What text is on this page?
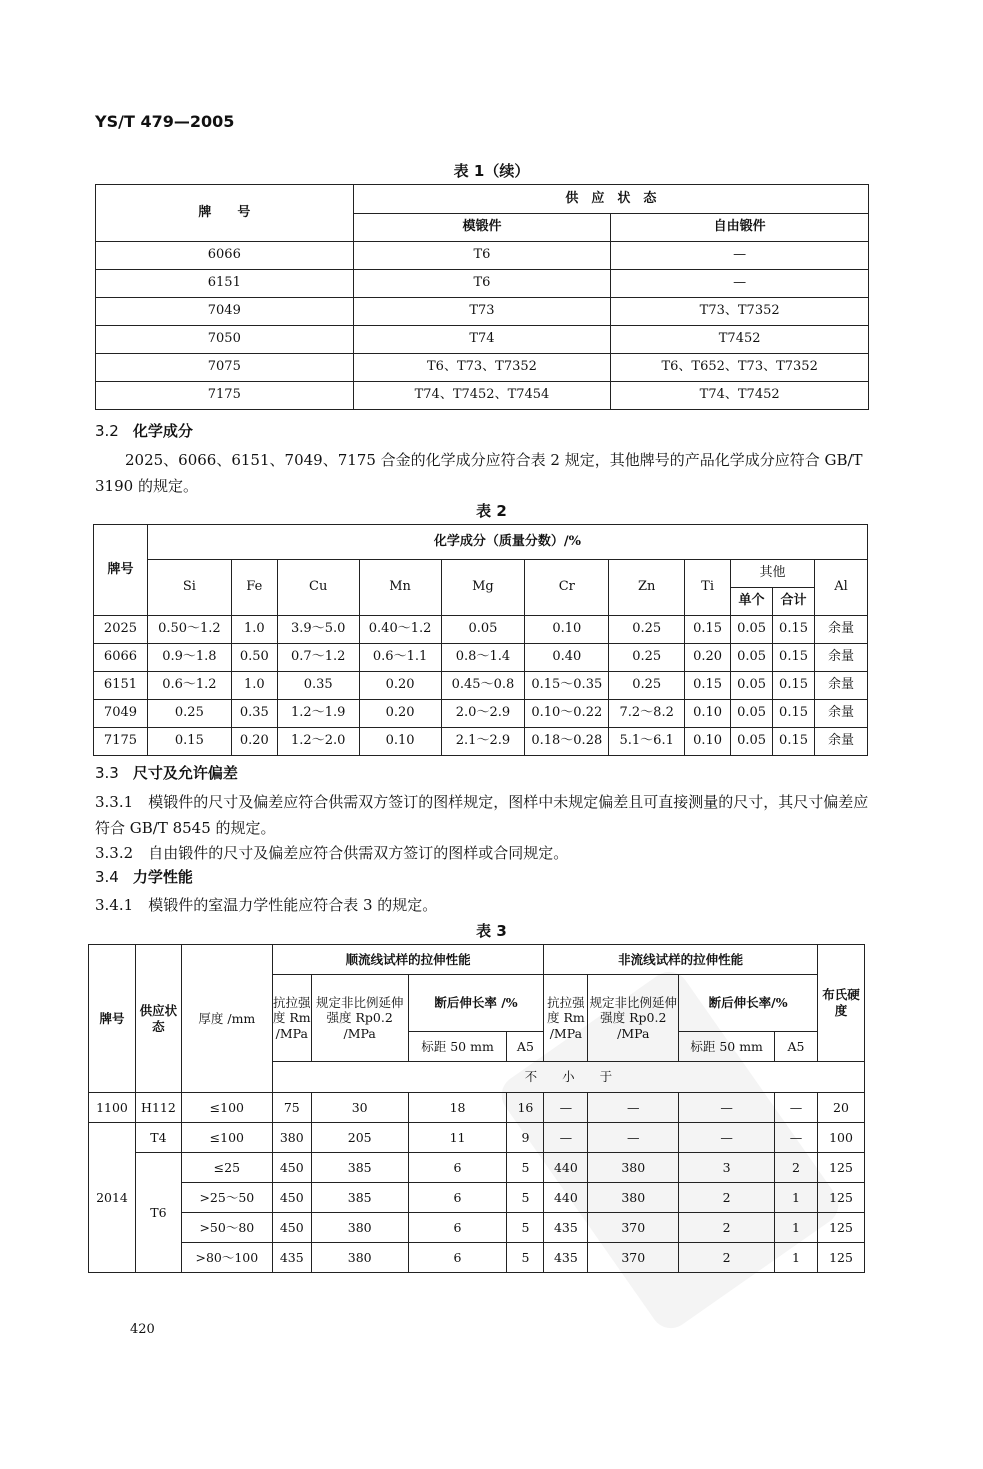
YS/T 479—2005
表 1（续）
牌　　号	供　应　状　态	
	模锻件	自由锻件
6066	T6	—
6151	T6	—
7049	T73	T73、T7352
7050	T74	T7452
7075	T6、T73、T7352	T6、T652、T73、T7352
7175	T74、T7452、T7454	T74、T7452
3.2 化学成分
2025、6066、6151、7049、7175 合金的化学成分应符合表 2 规定，其他牌号的产品化学成分应符合 GB/T 3190 的规定。
表 2
牌号	化学成分（质量分数）/%										
	Si	Fe	Cu	Mn	Mg	Cr	Zn	Ti	其他		Al
									单个	合计	
2025	0.50～1.2	1.0	3.9～5.0	0.40～1.2	0.05	0.10	0.25	0.15	0.05	0.15	余量
6066	0.9～1.8	0.50	0.7～1.2	0.6～1.1	0.8～1.4	0.40	0.25	0.20	0.05	0.15	余量
6151	0.6～1.2	1.0	0.35	0.20	0.45～0.8	0.15～0.35	0.25	0.15	0.05	0.15	余量
7049	0.25	0.35	1.2～1.9	0.20	2.0～2.9	0.10～0.22	7.2～8.2	0.10	0.05	0.15	余量
7175	0.15	0.20	1.2～2.0	0.10	2.1～2.9	0.18～0.28	5.1～6.1	0.10	0.05	0.15	余量
3.3 尺寸及允许偏差
3.3.1　 模锻件的尺寸及偏差应符合供需双方签订的图样规定，图样中未规定偏差且可直接测量的尺寸，其尺寸偏差应符合 GB/T 8545 的规定。
3.3.2　 自由锻件的尺寸及偏差应符合供需双方签订的图样或合同规定。
3.4 力学性能
3.4.1　 模锻件的室温力学性能应符合表 3 的规定。
表 3
牌号	供应状态	厚度 /mm	顺流线试样的拉伸性能				非流线试样的拉伸性能				布氏硬度
			抗拉强度 Rm /MPa	规定非比例延伸强度 Rp0.2 /MPa	断后伸长率 /%		抗拉强度 Rm /MPa	规定非比例延伸强度 Rp0.2 /MPa	断后伸长率/%		
					标距 50 mm	A5			标距 50 mm	A5	
			不　　小　　于								
1100	H112	≤100	75	30	18	16	—	—	—	—	20
2014	T4	≤100	380	205	11	9	—	—	—	—	100
	T6	≤25	450	385	6	5	440	380	3	2	125
		>25～50	450	385	6	5	440	380	2	1	125
		>50～80	450	380	6	5	435	370	2	1	125
		>80～100	435	380	6	5	435	370	2	1	125
420
